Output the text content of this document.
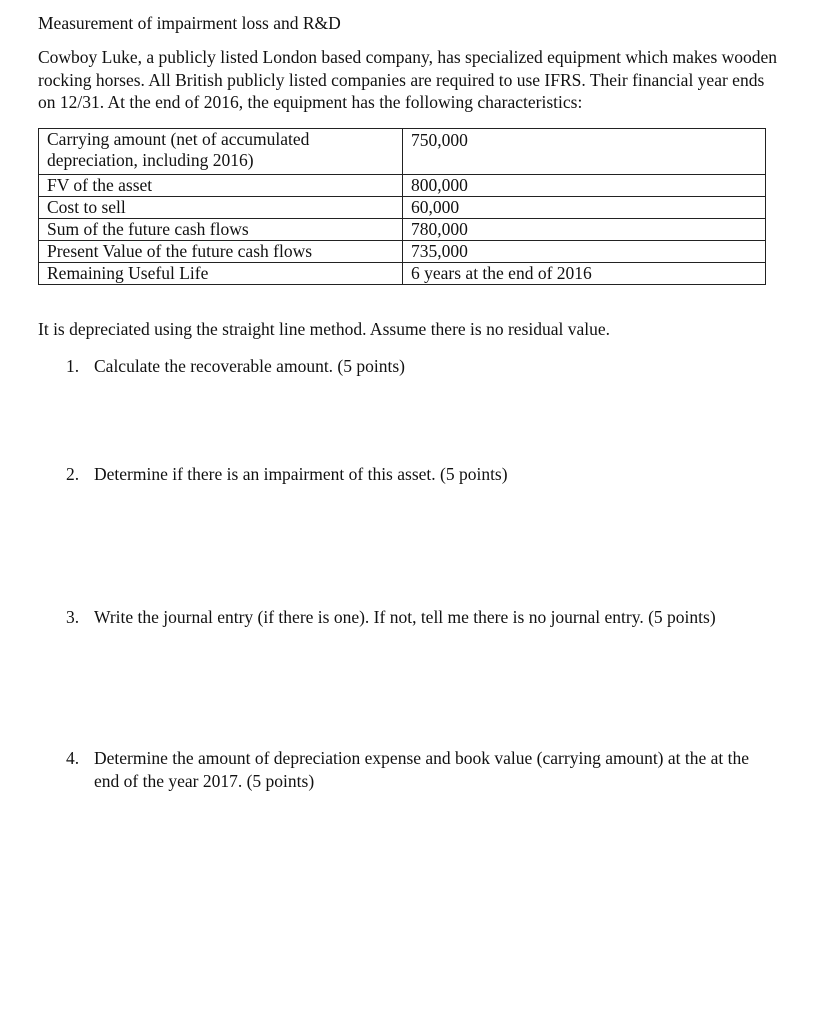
Measurement of impairment loss and R&D
Cowboy Luke, a publicly listed London based company, has specialized equipment which makes wooden rocking horses. All British publicly listed companies are required to use IFRS. Their financial year ends on 12/31. At the end of 2016, the equipment has the following characteristics:
Carrying amount (net of accumulated depreciation, including 2016)	750,000
FV of the asset	800,000
Cost to sell	60,000
Sum of the future cash flows	780,000
Present Value of the future cash flows	735,000
Remaining Useful Life	6 years at the end of 2016
It is depreciated using the straight line method. Assume there is no residual value.
1. Calculate the recoverable amount. (5 points)
2. Determine if there is an impairment of this asset. (5 points)
3. Write the journal entry (if there is one). If not, tell me there is no journal entry. (5 points)
4. Determine the amount of depreciation expense and book value (carrying amount) at the at the end of the year 2017. (5 points)
